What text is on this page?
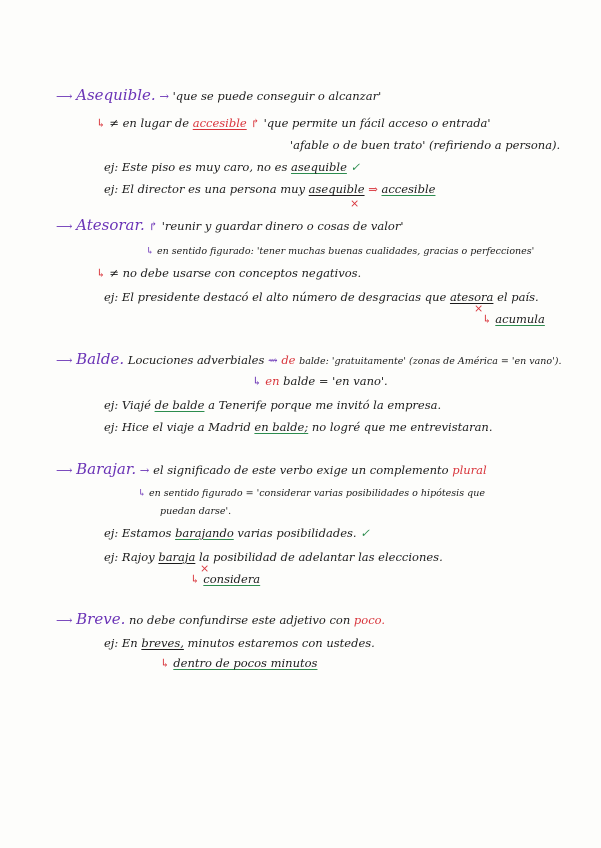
⟶ Asequible. → 'que se puede conseguir o alcanzar'
↳ ≠ en lugar de accesible ↱ 'que permite un fácil acceso o entrada'
'afable o de buen trato' (refiriendo a persona).
ej: Este piso es muy caro, no es asequible ✓
ej: El director es una persona muy asequible ⇒ accesible
×
⟶ Atesorar. ↱ 'reunir y guardar dinero o cosas de valor'
↳ en sentido figurado: 'tener muchas buenas cualidades, gracias o perfecciones'
↳ ≠ no debe usarse con conceptos negativos.
ej: El presidente destacó el alto número de desgracias que atesora el país.
×
↳ acumula
⟶ Balde. Locuciones adverbiales ⇝ de balde: 'gratuitamente' (zonas de América = 'en vano').
↳ en balde = 'en vano'.
ej: Viajé de balde a Tenerife porque me invitó la empresa.
ej: Hice el viaje a Madrid en balde; no logré que me entrevistaran.
⟶ Barajar. → el significado de este verbo exige un complemento plural
↳ en sentido figurado = 'considerar varias posibilidades o hipótesis que
puedan darse'.
ej: Estamos barajando varias posibilidades. ✓
ej: Rajoy baraja la posibilidad de adelantar las elecciones.
×
↳ considera
⟶ Breve. no debe confundirse este adjetivo con poco.
ej: En breves, minutos estaremos con ustedes.
↳ dentro de pocos minutos
